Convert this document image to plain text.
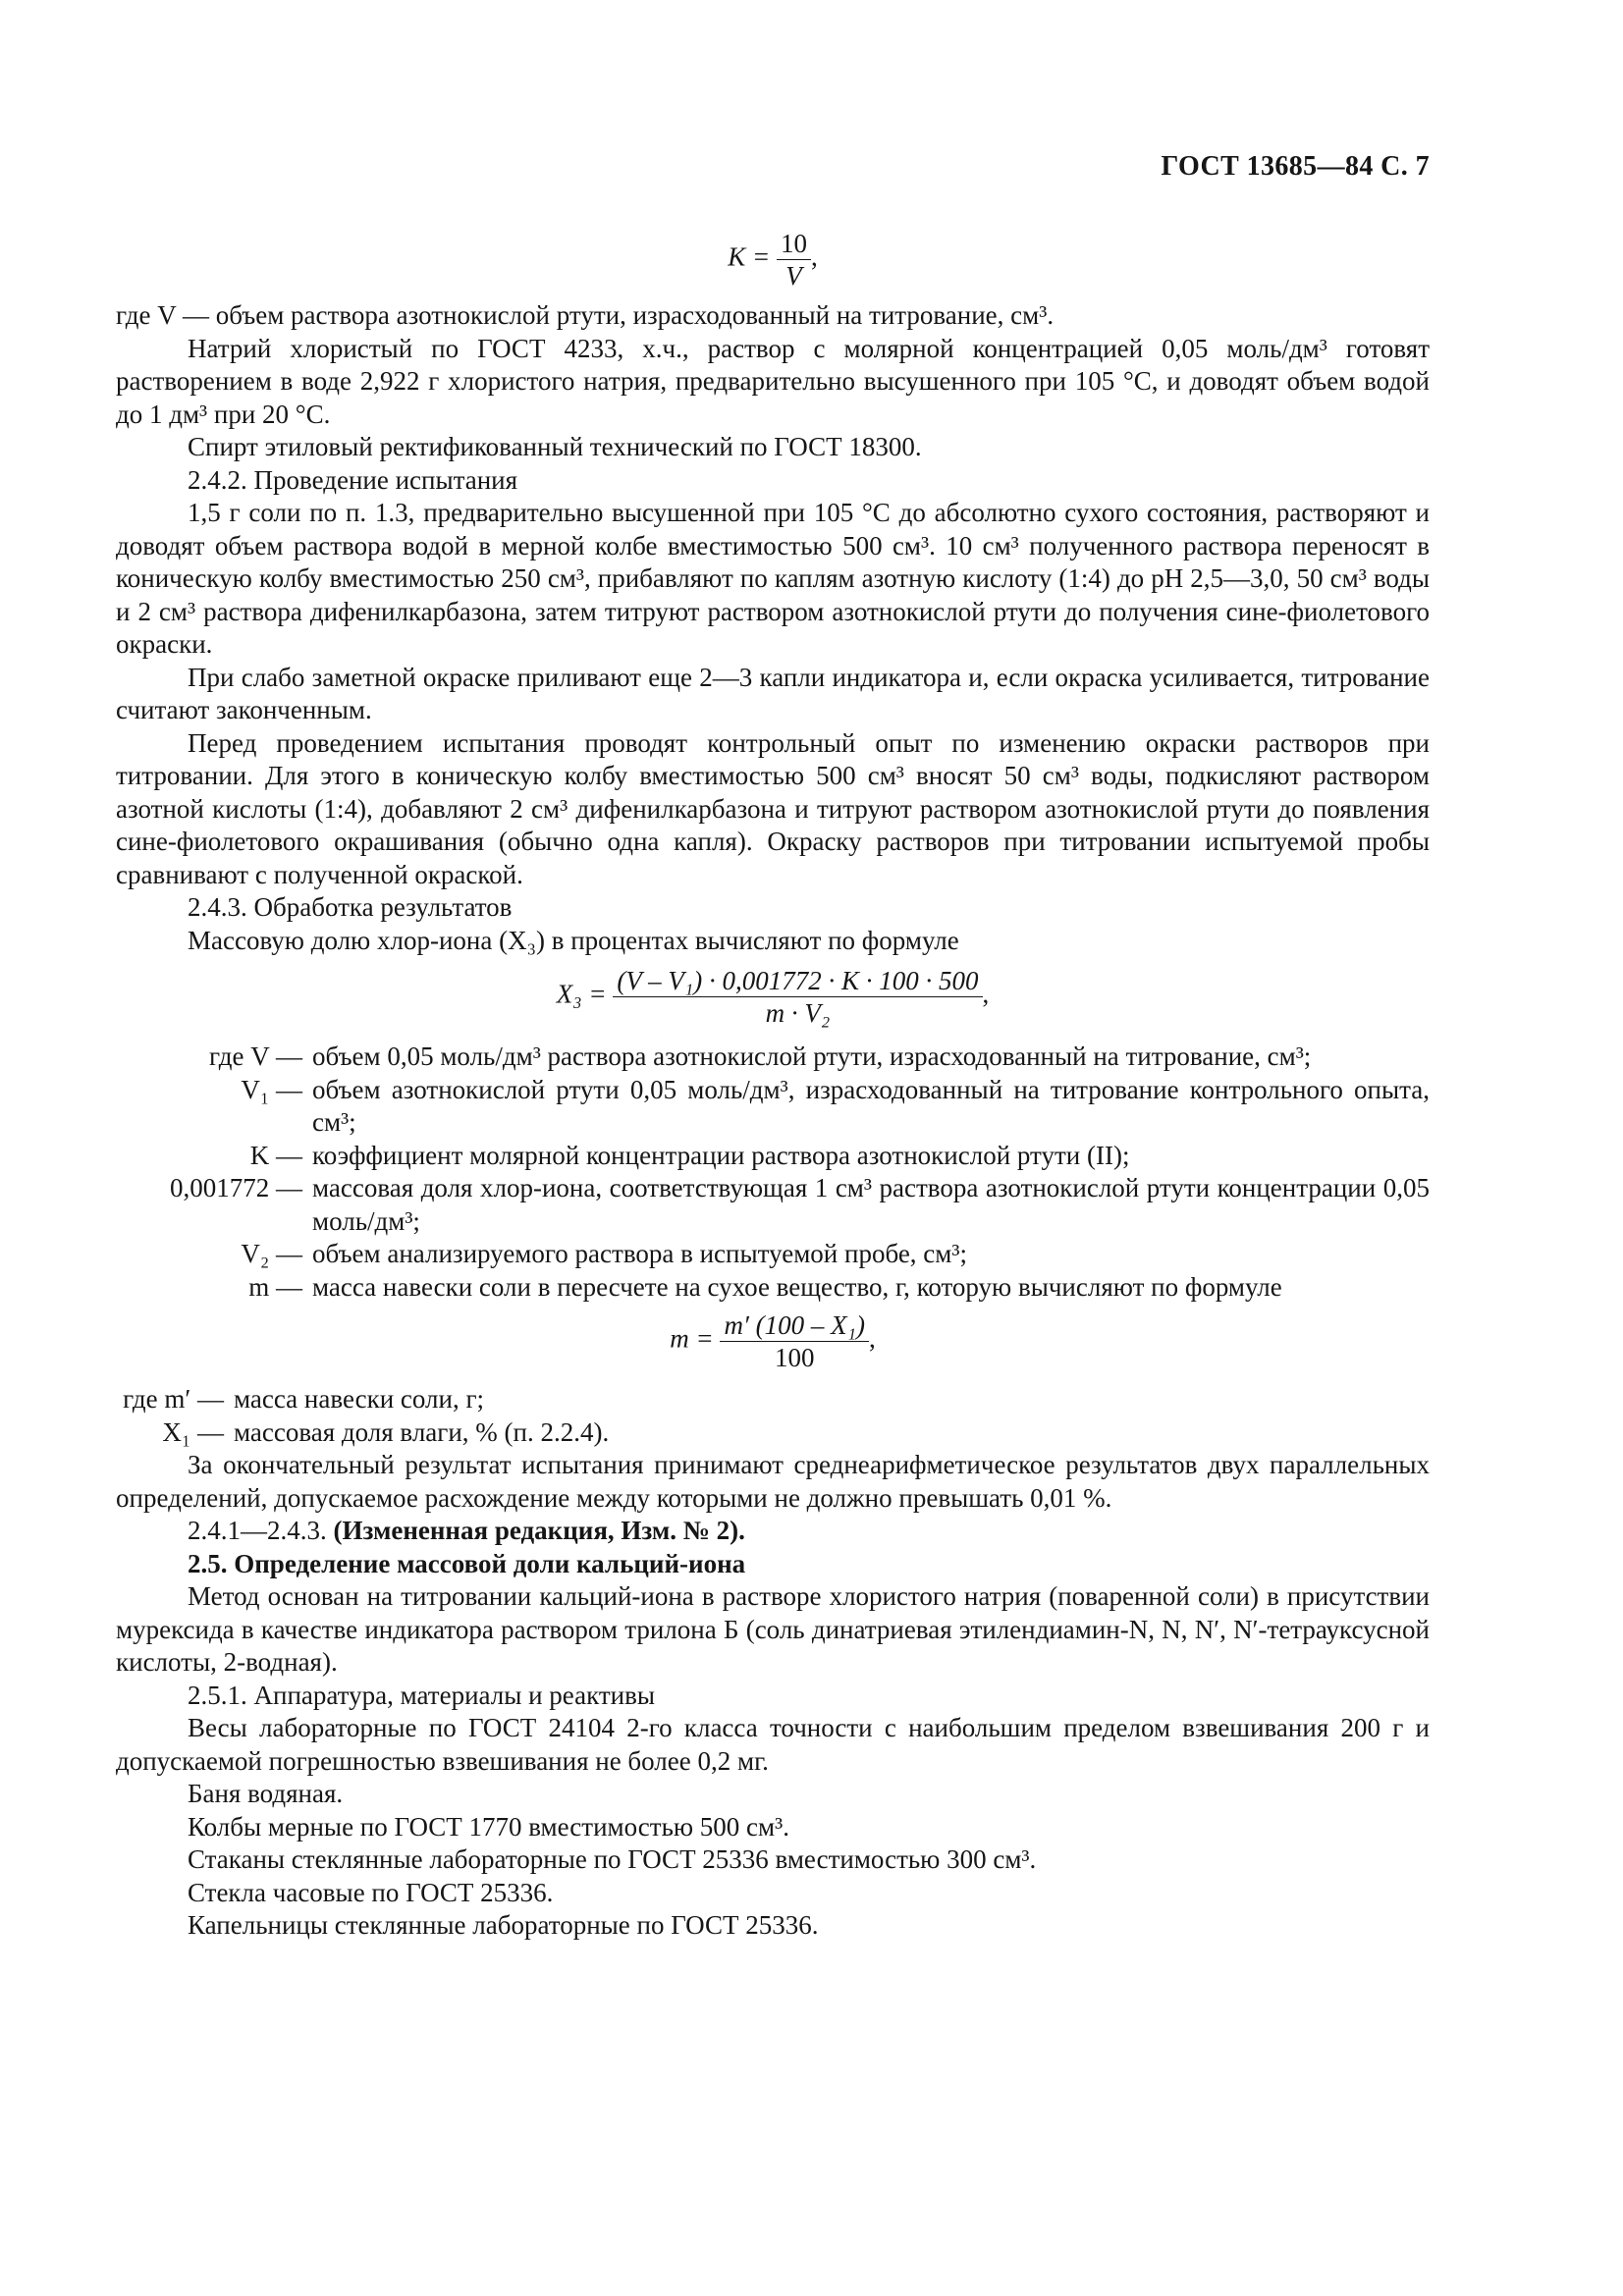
ГОСТ 13685—84 С. 7
$K = \frac{10}{V}$ ,

где V — объем раствора азотнокислой ртути, израсходованный на титрование, см³.

Натрий хлористый по ГОСТ 4233, х.ч., раствор с молярной концентрацией 0,05 моль/дм³ готовят растворением в воде 2,922 г хлористого натрия, предварительно высушенного при 105 °С, и доводят объем водой до 1 дм³ при 20 °С.

Спирт этиловый ректификованный технический по ГОСТ 18300.

2.4.2. Проведение испытания

1,5 г соли по п. 1.3, предварительно высушенной при 105 °С до абсолютно сухого состояния, растворяют и доводят объем раствора водой в мерной колбе вместимостью 500 см³. 10 см³ полученного раствора переносят в коническую колбу вместимостью 250 см³, прибавляют по каплям азотную кислоту (1:4) до pH 2,5—3,0, 50 см³ воды и 2 см³ раствора дифенилкарбазона, затем титруют раствором азотнокислой ртути до получения сине-фиолетового окраски.

При слабо заметной окраске приливают еще 2—3 капли индикатора и, если окраска усиливается, титрование считают законченным.

Перед проведением испытания проводят контрольный опыт по изменению окраски растворов при титровании. Для этого в коническую колбу вместимостью 500 см³ вносят 50 см³ воды, подкисляют раствором азотной кислоты (1:4), добавляют 2 см³ дифенилкарбазона и титруют раствором азотнокислой ртути до появления сине-фиолетового окрашивания (обычно одна капля). Окраску растворов при титровании испытуемой пробы сравнивают с полученной окраской.

2.4.3. Обработка результатов

Массовую долю хлор-иона (X₃) в процентах вычисляют по формуле

$X_3 = \frac{\text{(V – V₁) · 0,001772 · K · 100 · 500}}{\text{m · V₂}}$ ,
где V — объем 0,05 моль/дм³ раствора азотнокислой ртути, израсходованный на титрование, см³;
V₁ — объем азотнокислой ртути 0,05 моль/дм³, израсходованный на титрование контрольного опыта, см³;
K — коэффициент молярной концентрации раствора азотнокислой ртути (II);
0,001772 — массовая доля хлор-иона, соответствующая 1 см³ раствора азотнокислой ртути концентрации 0,05 моль/дм³;
V₂ — объем анализируемого раствора в испытуемой пробе, см³;
m — масса навески соли в пересчете на сухое вещество, г, которую вычисляют по формуле
$m = \frac{\text{m′ (100 – X₁)}}{100}$ ,
где m′ — масса навески соли, г;
X₁ — массовая доля влаги, % (п. 2.2.4).

За окончательный результат испытания принимают среднеарифметическое результатов двух параллельных определений, допускаемое расхождение между которыми не должно превышать 0,01 %.

2.4.1—2.4.3. (Измененная редакция, Изм. № 2).

2.5. Определение массовой доли кальций-иона

Метод основан на титровании кальций-иона в растворе хлористого натрия (поваренной соли) в присутствии мурексида в качестве индикатора раствором трилона Б (соль динатриевая этилендиамин-N, N, N′, N′-тетрауксусной кислоты, 2-водная).

2.5.1. Аппаратура, материалы и реактивы

Весы лабораторные по ГОСТ 24104 2-го класса точности с наибольшим пределом взвешивания 200 г и допускаемой погрешностью взвешивания не более 0,2 мг.

Баня водяная.

Колбы мерные по ГОСТ 1770 вместимостью 500 см³.

Стаканы стеклянные лабораторные по ГОСТ 25336 вместимостью 300 см³.

Стекла часовые по ГОСТ 25336.

Капельницы стеклянные лабораторные по ГОСТ 25336.
